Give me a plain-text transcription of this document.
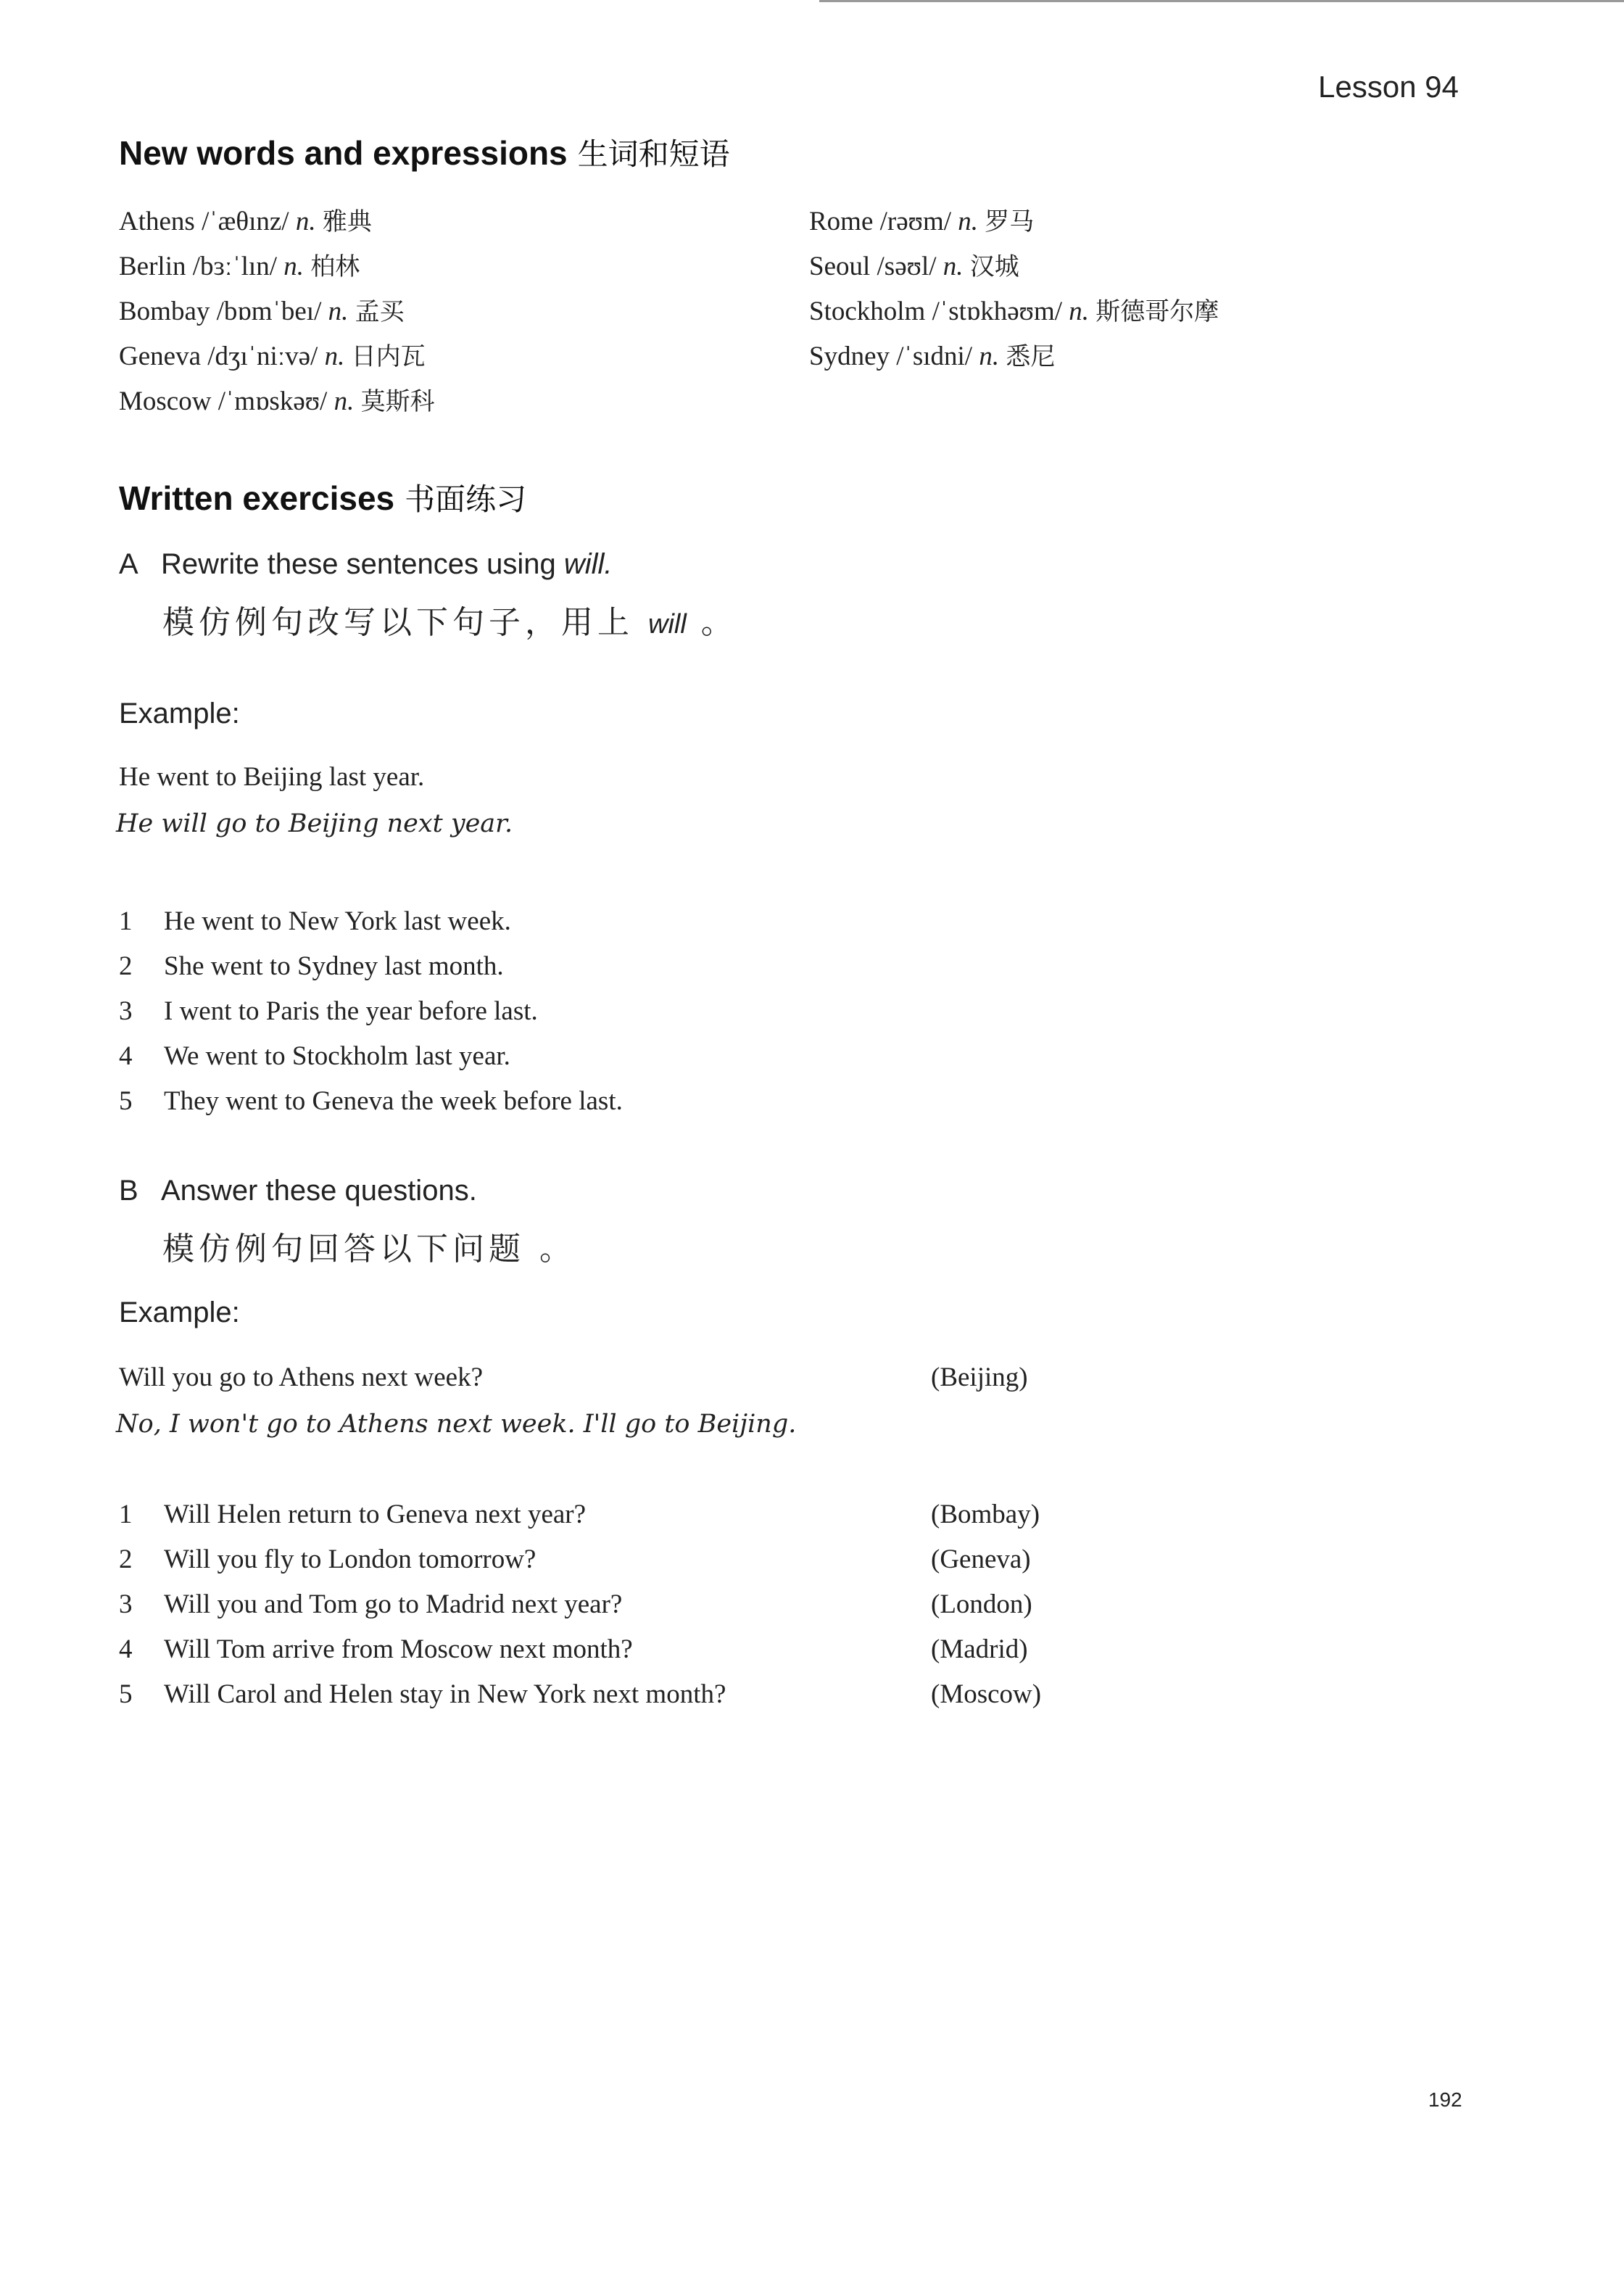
Lesson 94
New words and expressions 生词和短语
Athens /ˈæθınz/ n. 雅典
Berlin /bɜːˈlın/ n. 柏林
Bombay /bɒmˈbeı/ n. 孟买
Geneva /dʒıˈniːvə/ n. 日内瓦
Moscow /ˈmɒskəʊ/ n. 莫斯科
Rome /rəʊm/ n. 罗马
Seoul /səʊl/ n. 汉城
Stockholm /ˈstɒkhəʊm/ n. 斯德哥尔摩
Sydney /ˈsıdni/ n. 悉尼
Written exercises 书面练习
A Rewrite these sentences using will.
模仿例句改写以下句子，用上 will 。
Example:
He went to Beijing last year.
He will go to Beijing next year.
1	He went to New York last week.
2	She went to Sydney last month.
3	I went to Paris the year before last.
4	We went to Stockholm last year.
5	They went to Geneva the week before last.
B Answer these questions.
模仿例句回答以下问题 。
Example:
Will you go to Athens next week?	(Beijing)
No, I won't go to Athens next week. I'll go to Beijing.
1	Will Helen return to Geneva next year?	(Bombay)
2	Will you fly to London tomorrow?	(Geneva)
3	Will you and Tom go to Madrid next year?	(London)
4	Will Tom arrive from Moscow next month?	(Madrid)
5	Will Carol and Helen stay in New York next month?	(Moscow)
192
